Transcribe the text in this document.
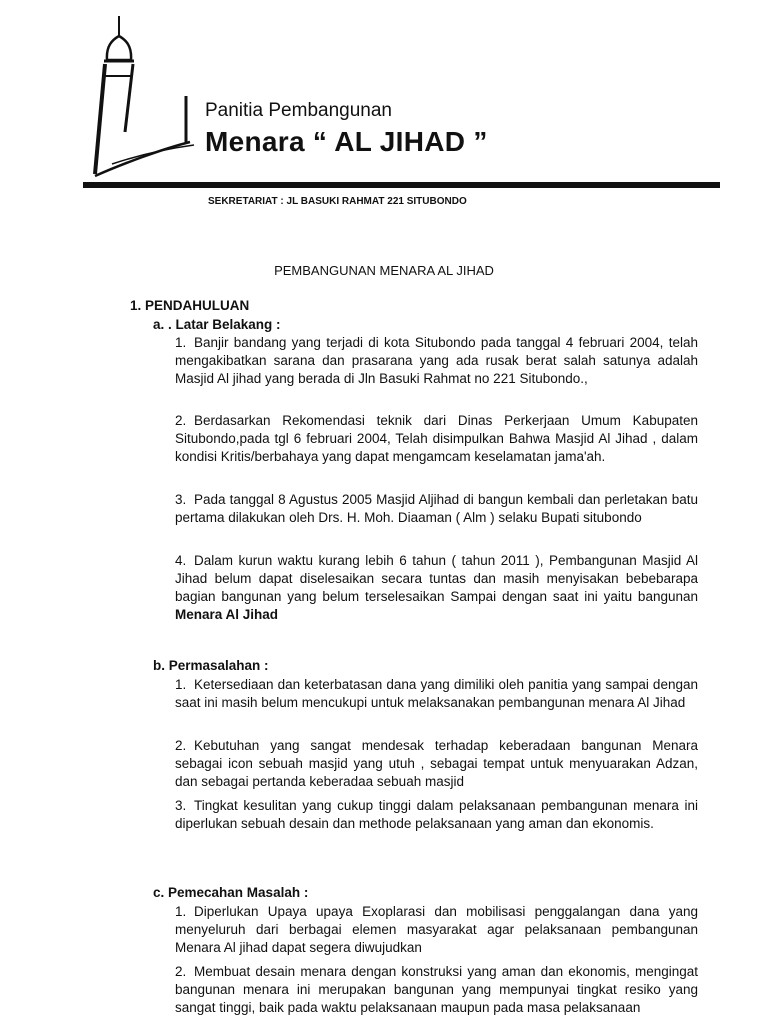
Panitia Pembangunan
Menara “ AL JIHAD ”
SEKRETARIAT : JL BASUKI RAHMAT 221 SITUBONDO
PEMBANGUNAN MENARA AL JIHAD
1. PENDAHULUAN
a. . Latar Belakang :
1. Banjir bandang yang terjadi di kota Situbondo pada tanggal 4 februari 2004, telah mengakibatkan sarana dan prasarana yang ada rusak berat salah satunya adalah Masjid Al jihad yang berada di Jln Basuki Rahmat no 221 Situbondo.,
2. Berdasarkan Rekomendasi teknik dari Dinas Perkerjaan Umum Kabupaten Situbondo,pada tgl 6 februari 2004, Telah disimpulkan Bahwa Masjid Al Jihad , dalam kondisi Kritis/berbahaya yang dapat mengamcam keselamatan jama'ah.
3. Pada tanggal 8 Agustus 2005 Masjid Aljihad di bangun kembali dan perletakan batu pertama dilakukan oleh Drs. H. Moh. Diaaman ( Alm ) selaku Bupati situbondo
4. Dalam kurun waktu kurang lebih 6 tahun ( tahun 2011 ), Pembangunan Masjid Al Jihad belum dapat diselesaikan secara tuntas dan masih menyisakan bebebarapa bagian bangunan yang belum terselesaikan Sampai dengan saat ini yaitu bangunan Menara Al Jihad
b. Permasalahan :
1. Ketersediaan dan keterbatasan dana yang dimiliki oleh panitia yang sampai dengan saat ini masih belum mencukupi untuk melaksanakan pembangunan menara Al Jihad
2. Kebutuhan yang sangat mendesak terhadap keberadaan bangunan Menara sebagai icon sebuah masjid yang utuh , sebagai tempat untuk menyuarakan Adzan, dan sebagai pertanda keberadaa sebuah masjid
3. Tingkat kesulitan yang cukup tinggi dalam pelaksanaan pembangunan menara ini diperlukan sebuah desain dan methode pelaksanaan yang aman dan ekonomis.
c. Pemecahan Masalah :
1. Diperlukan Upaya upaya Exoplarasi dan mobilisasi penggalangan dana yang menyeluruh dari berbagai elemen masyarakat agar pelaksanaan pembangunan Menara Al jihad dapat segera diwujudkan
2. Membuat desain menara dengan konstruksi yang aman dan ekonomis, mengingat bangunan menara ini merupakan bangunan yang mempunyai tingkat resiko yang sangat tinggi, baik pada waktu pelaksanaan maupun pada masa pelaksanaan
